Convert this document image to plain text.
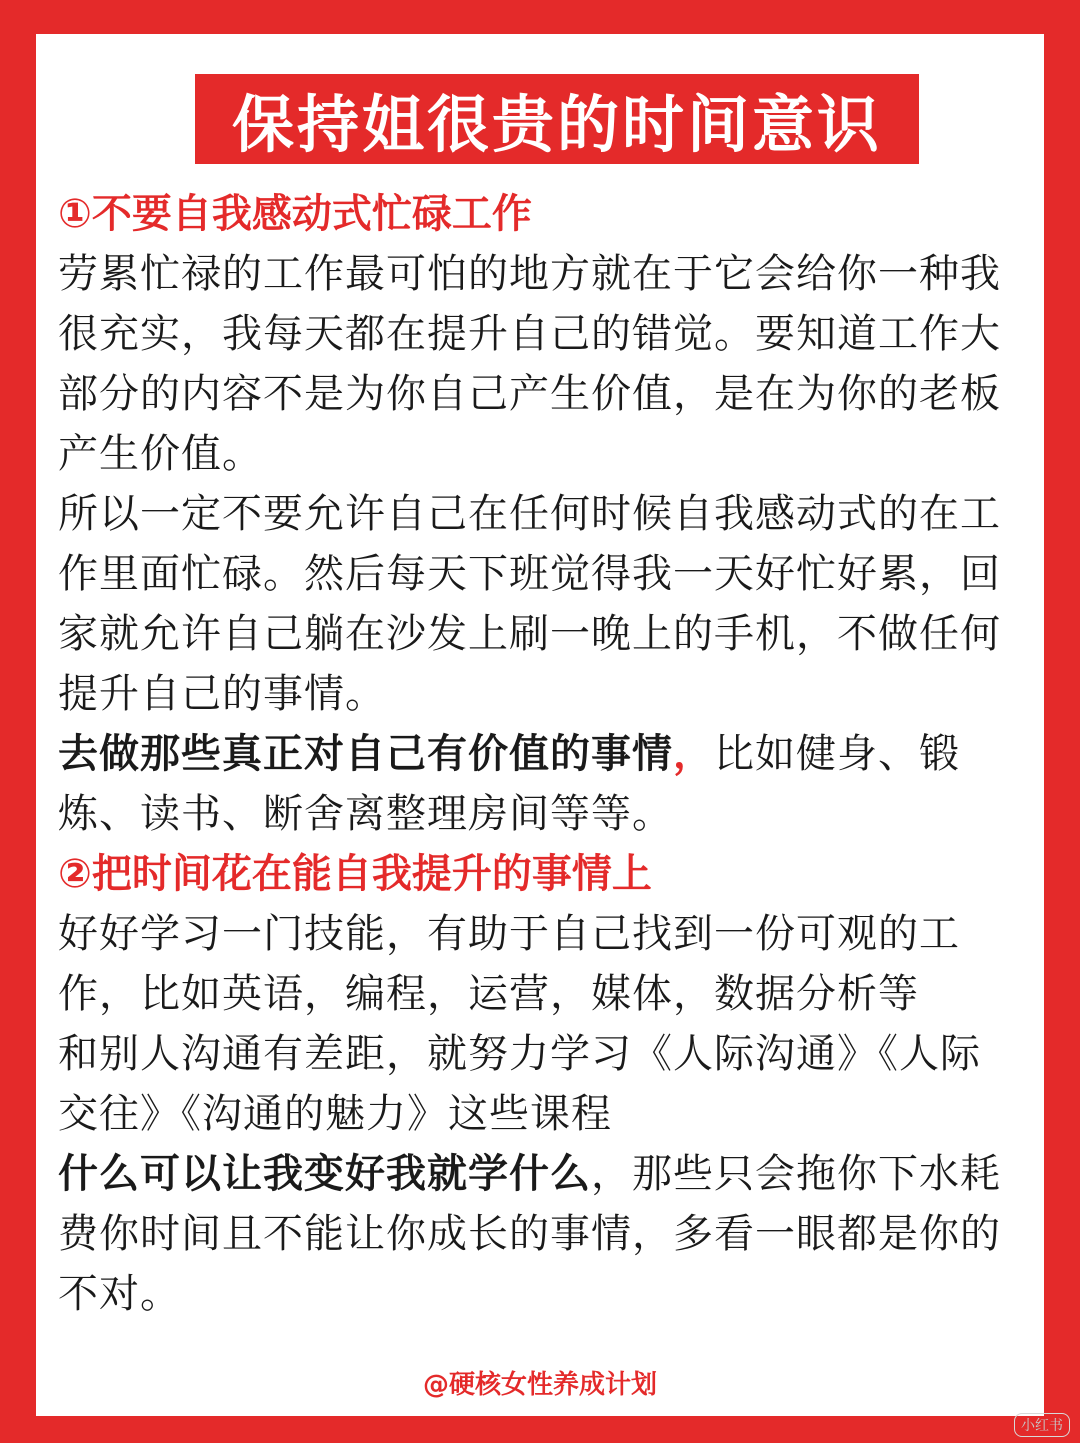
保持姐很贵的时间意识
①不要自我感动式忙碌工作

劳累忙禄的工作最可怕的地方就在于它会给你一种我很充实，我每天都在提升自己的错觉。要知道工作大部分的内容不是为你自己产生价值，是在为你的老板产生价值。

所以一定不要允许自己在任何时候自我感动式的在工作里面忙碌。然后每天下班觉得我一天好忙好累，回家就允许自己躺在沙发上刷一晚上的手机，不做任何提升自己的事情。

去做那些真正对自己有价值的事情，比如健身、锻炼、读书、断舍离整理房间等等。

②把时间花在能自我提升的事情上

好好学习一门技能，有助于自己找到一份可观的工作，比如英语，编程，运营，媒体，数据分析等

和别人沟通有差距，就努力学习《人际沟通》《人际交往》《沟通的魅力》这些课程

什么可以让我变好我就学什么，那些只会拖你下水耗费你时间且不能让你成长的事情，多看一眼都是你的不对。

@硬核女性养成计划
小红书
